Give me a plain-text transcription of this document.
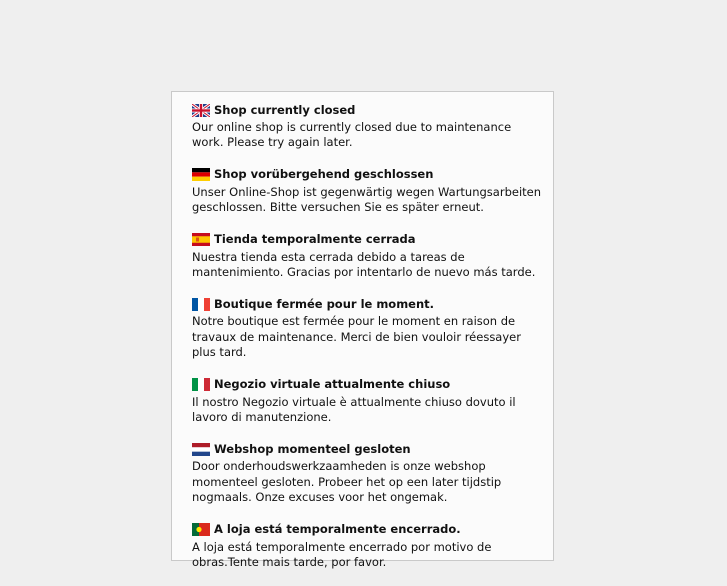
Shop currently closed
Our online shop is currently closed due to maintenance work. Please try again later.
Shop vorübergehend geschlossen
Unser Online-Shop ist gegenwärtig wegen Wartungsarbeiten geschlossen. Bitte versuchen Sie es später erneut.
Tienda temporalmente cerrada
Nuestra tienda esta cerrada debido a tareas de mantenimiento. Gracias por intentarlo de nuevo más tarde.
Boutique fermée pour le moment.
Notre boutique est fermée pour le moment en raison de travaux de maintenance. Merci de bien vouloir réessayer plus tard.
Negozio virtuale attualmente chiuso
Il nostro Negozio virtuale è attualmente chiuso dovuto il lavoro di manutenzione.
Webshop momenteel gesloten
Door onderhoudswerkzaamheden is onze webshop momenteel gesloten. Probeer het op een later tijdstip nogmaals. Onze excuses voor het ongemak.
A loja está temporalmente encerrado.
A loja está temporalmente encerrado por motivo de obras.Tente mais tarde, por favor.
